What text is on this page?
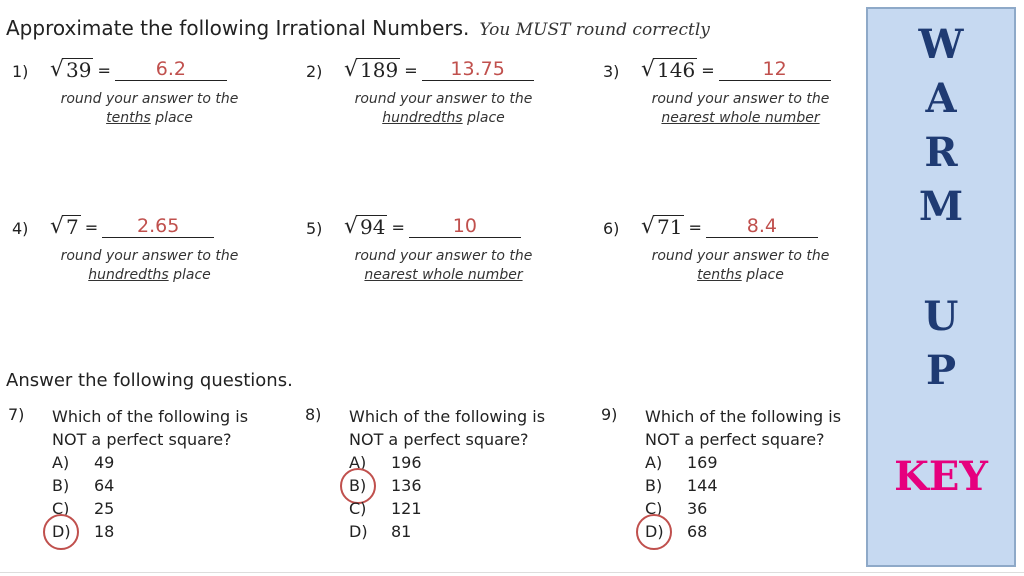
Approximate the following Irrational Numbers. You MUST round correctly
1) √ 39 =	6.2
round your answer to the
tenths place
2) √ 189 =	13.75
round your answer to the
hundredths place
3) √ 146 =	12
round your answer to the
nearest whole number
4) √ 7 =	2.65
round your answer to the
hundredths place
5) √ 94 =	10
round your answer to the
nearest whole number
6) √ 71 =	8.4
round your answer to the
tenths place
Answer the following questions.
7) Which of the following is
NOT a perfect square?
A) 49
B) 64
C) 25
D) 18
8) Which of the following is
NOT a perfect square?
A) 196
B) 136
C) 121
D) 81
9) Which of the following is
NOT a perfect square?
A) 169
B) 144
C) 36
D) 68
W
A
R
M
U
P
KEY
